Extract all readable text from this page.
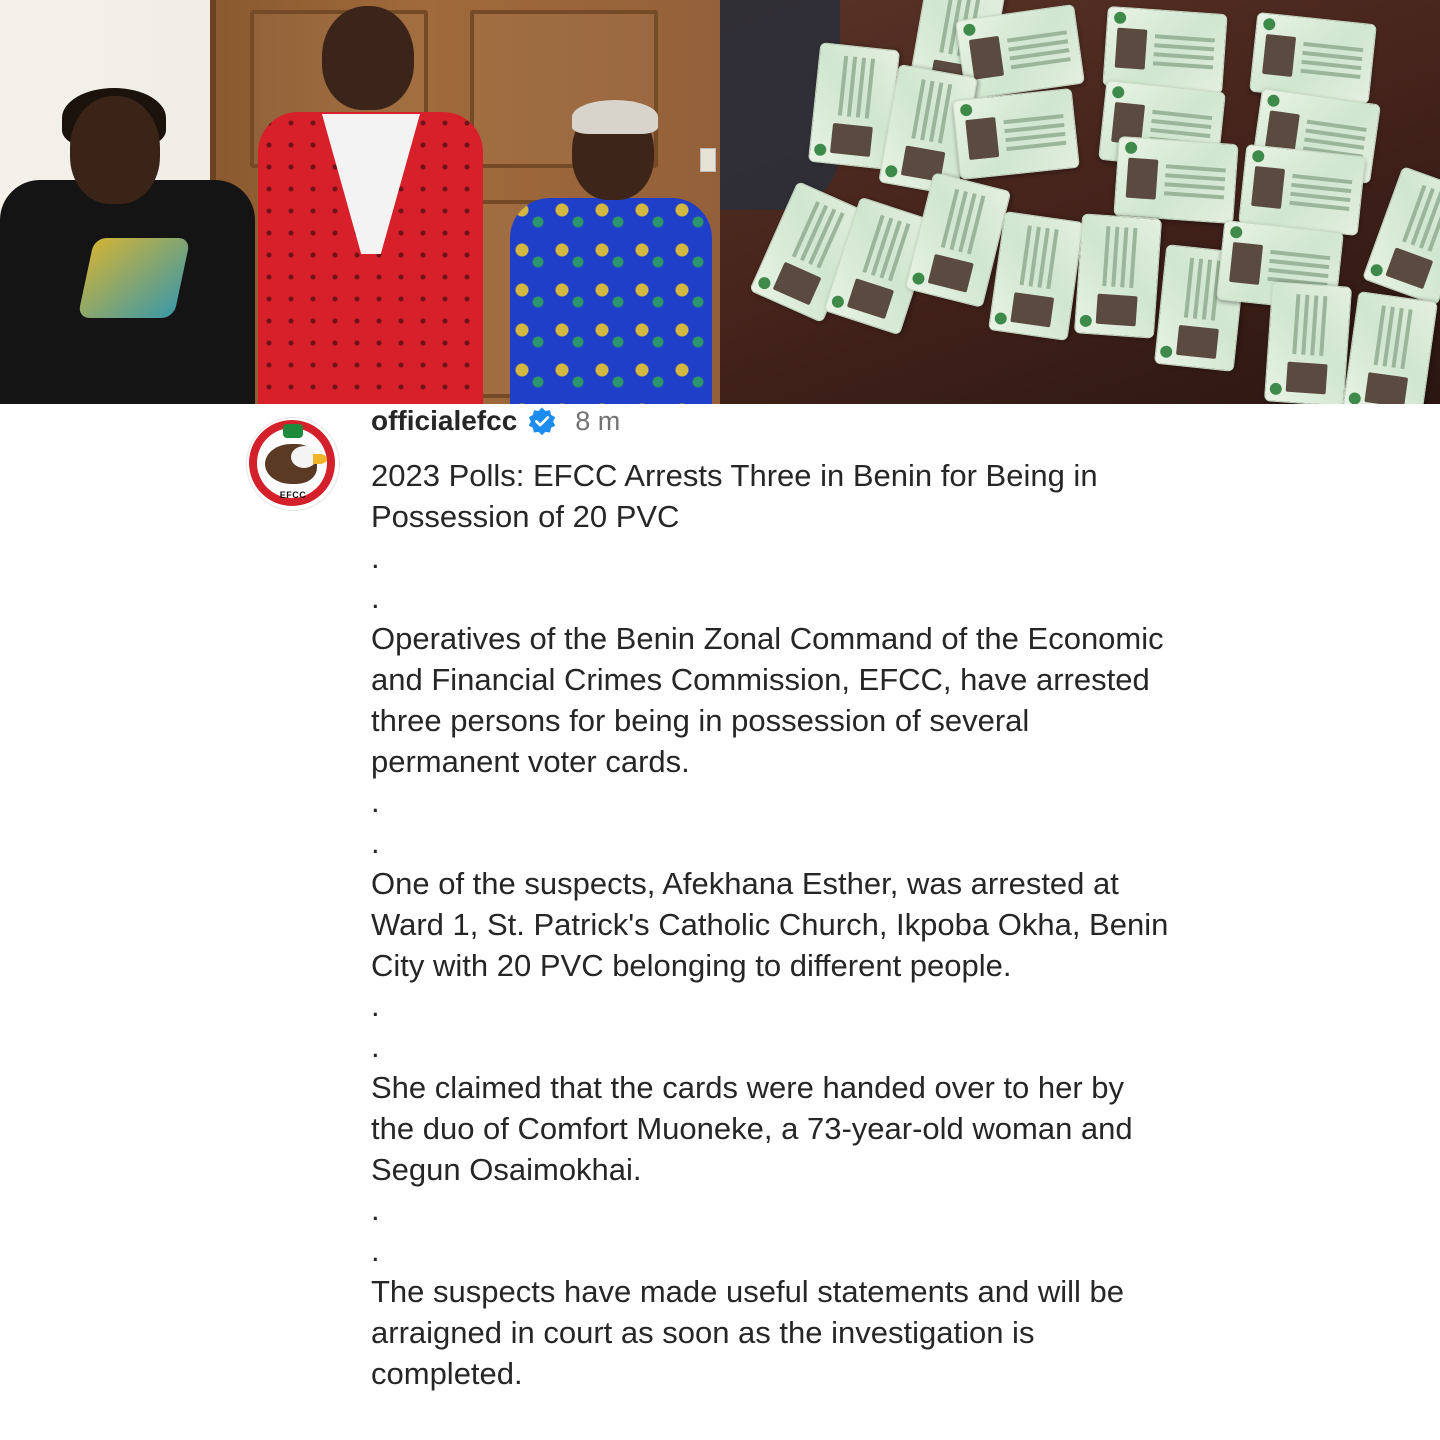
EFCC
officialefcc 8 m

2023 Polls: EFCC Arrests Three in Benin for Being in Possession of 20 PVC

.

.

Operatives of the Benin Zonal Command of the Economic and Financial Crimes Commission, EFCC, have arrested three persons for being in possession of several permanent voter cards.

.

.

One of the suspects, Afekhana Esther, was arrested at Ward 1, St. Patrick's Catholic Church, Ikpoba Okha, Benin City with 20 PVC belonging to different people.

.

.

She claimed that the cards were handed over to her by the duo of Comfort Muoneke, a 73-year-old woman and Segun Osaimokhai.

.

.

The suspects have made useful statements and will be arraigned in court as soon as the investigation is completed.
